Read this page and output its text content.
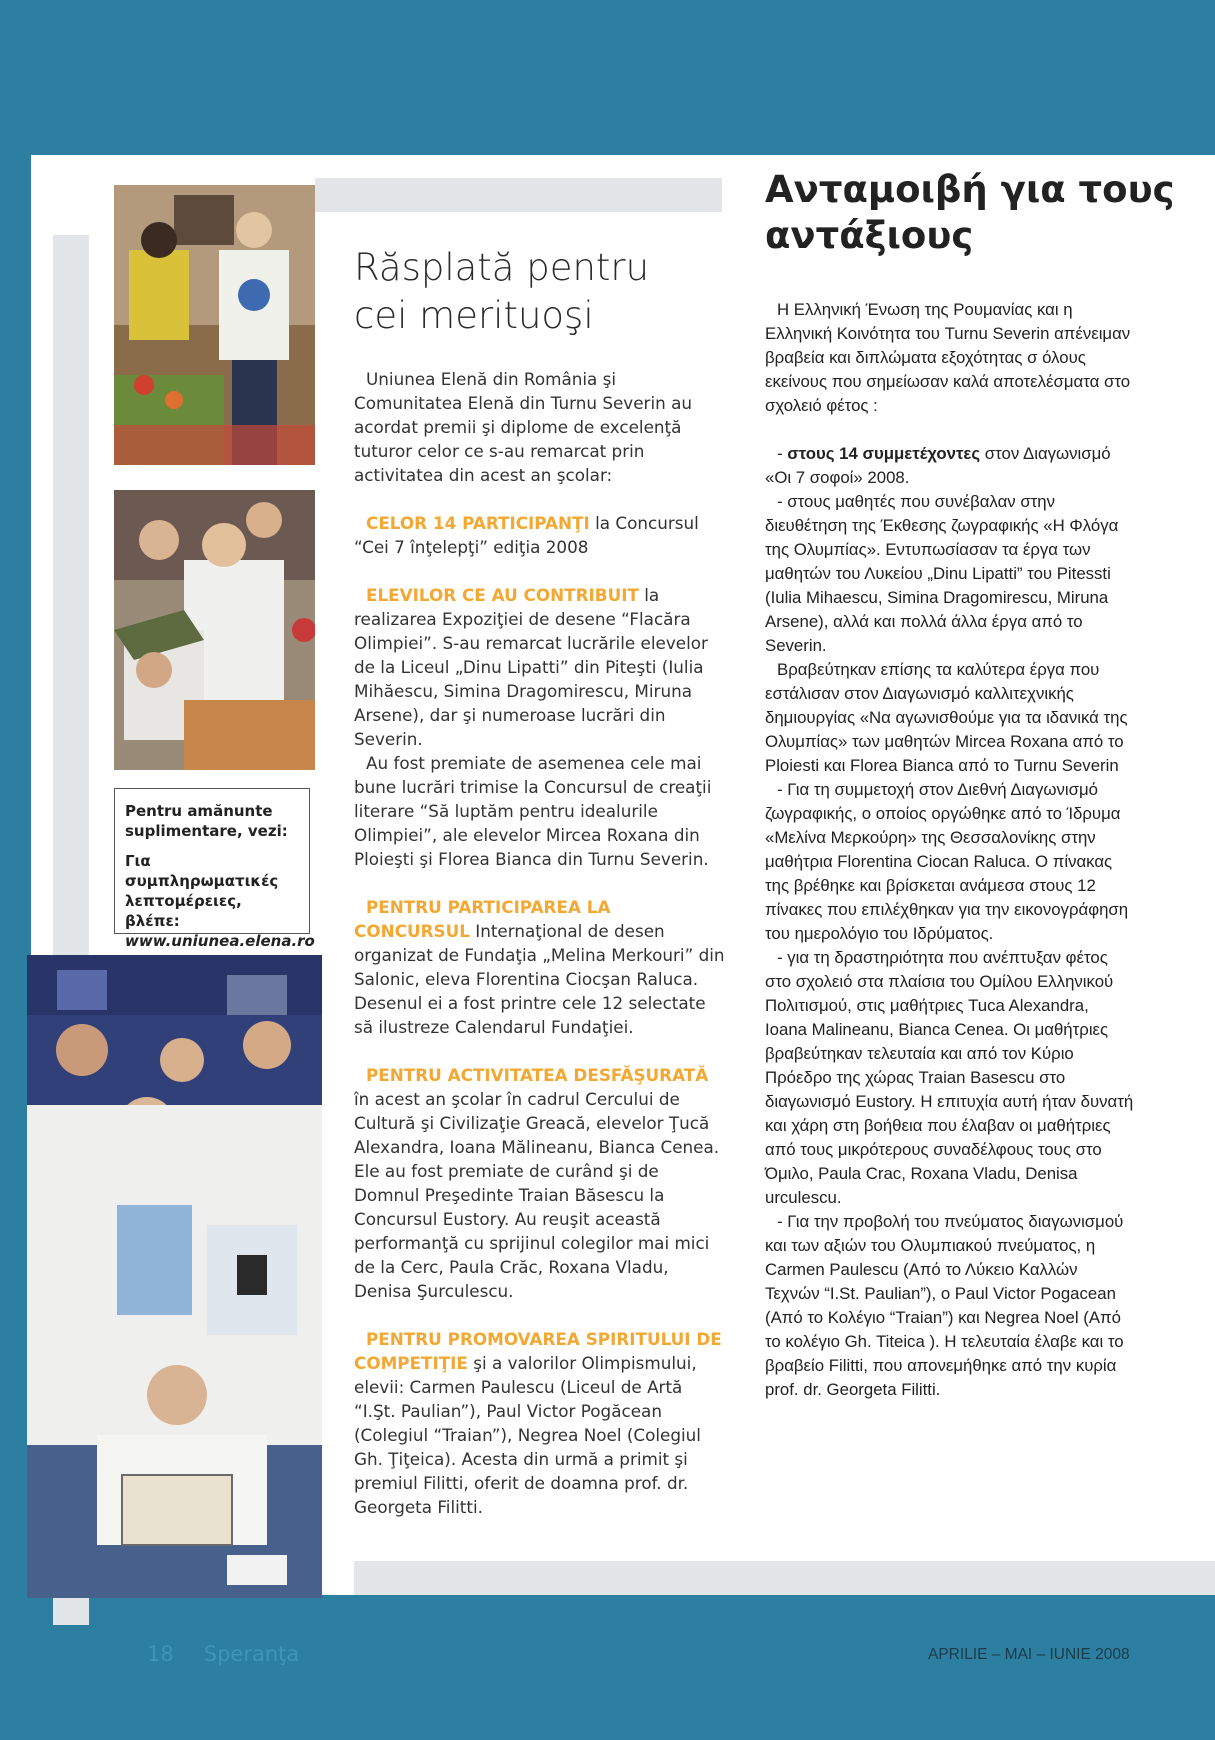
Răsplată pentru
cei merituoşi

Uniunea Elenă din România şi Comunitatea Elenă din Turnu Severin au acordat premii şi diplome de excelenţă tuturor celor ce s-au remarcat prin activitatea din acest an şcolar:

CELOR 14 PARTICIPANŢI la Concursul “Cei 7 înţelepţi” ediţia 2008

ELEVILOR CE AU CONTRIBUIT la realizarea Expoziţiei de desene “Flacăra Olimpiei”. S-au remarcat lucrările elevelor de la Liceul „Dinu Lipatti” din Piteşti (Iulia Mihăescu, Simina Dragomirescu, Miruna Arsene), dar şi numeroase lucrări din Severin.

Au fost premiate de asemenea cele mai bune lucrări trimise la Concursul de creaţii literare “Să luptăm pentru idealurile Olimpiei”, ale elevelor Mircea Roxana din Ploieşti şi Florea Bianca din Turnu Severin.

PENTRU PARTICIPAREA LA CONCURSUL Internaţional de desen organizat de Fundaţia „Melina Merkouri” din Salonic, eleva Florentina Ciocşan Raluca. Desenul ei a fost printre cele 12 selectate să ilustreze Calendarul Fundaţiei.

PENTRU ACTIVITATEA DESFĂŞURATĂ în acest an şcolar în cadrul Cercului de Cultură şi Civilizaţie Greacă, elevelor Ţucă Alexandra, Ioana Mălineanu, Bianca Cenea. Ele au fost premiate de curând şi de Domnul Preşedinte Traian Băsescu la Concursul Eustory. Au reuşit această performanţă cu sprijinul colegilor mai mici de la Cerc, Paula Crăc, Roxana Vladu, Denisa Şurculescu.

PENTRU PROMOVAREA SPIRITULUI DE COMPETIŢIE şi a valorilor Olimpismului, elevii: Carmen Paulescu (Liceul de Artă “I.Şt. Paulian”), Paul Victor Pogăcean (Colegiul “Traian”), Negrea Noel (Colegiul Gh. Ţiţeica). Acesta din urmă a primit şi premiul Filitti, oferit de doamna prof. dr. Georgeta Filitti.

Ανταμοιβή για τους
αντάξιους

Η Ελληνική Ένωση της Ρουμανίας και η Ελληνική Κοινότητα του Turnu Severin απένειμαν βραβεία και διπλώματα εξοχότητας σ όλους εκείνους που σημείωσαν καλά αποτελέσματα στο σχολειό φέτος :

- στους 14 συμμετέχοντες στον Διαγωνισμό «Οι 7 σοφοί» 2008.

- στους μαθητές που συνέβαλαν στην διευθέτηση της Έκθεσης ζωγραφικής «Η Φλόγα της Ολυμπίας». Εντυπωσίασαν τα έργα των μαθητών του Λυκείου „Dinu Lipatti” του Pitessti (Iulia Mihaescu, Simina Dragomirescu, Miruna Arsene), αλλά και πολλά άλλα έργα από το Severin.

Βραβεύτηκαν επίσης τα καλύτερα έργα που εστάλισαν στον Διαγωνισμό καλλιτεχνικής δημιουργίας «Να αγωνισθούμε για τα ιδανικά της Ολυμπίας» των μαθητών Mircea Roxana από το Ploiesti και Florea Bianca από το Turnu Severin

- Για τη συμμετοχή στον Διεθνή Διαγωνισμό ζωγραφικής, ο οποίος οργώθηκε από το Ίδρυμα «Μελίνα Μερκούρη» της Θεσσαλονίκης στην μαθήτρια Florentina Ciocan Raluca. Ο πίνακας της βρέθηκε και βρίσκεται ανάμεσα στους 12 πίνακες που επιλέχθηκαν για την εικονογράφηση του ημερολόγιο του Ιδρύματος.

- για τη δραστηριότητα που ανέπτυξαν φέτος στο σχολειό στα πλαίσια του Ομίλου Ελληνικού Πολιτισμού, στις μαθήτριες Tuca Alexandra, Ioana Malineanu, Bianca Cenea. Οι μαθήτριες βραβεύτηκαν τελευταία και από τον Κύριο Πρόεδρο της χώρας Traian Basescu στο διαγωνισμό Eustory. Η επιτυχία αυτή ήταν δυνατή και χάρη στη βοήθεια που έλαβαν οι μαθήτριες από τους μικρότερους συναδέλφους τους στο Όμιλο, Paula Crac, Roxana Vladu, Denisa urculescu.

- Για την προβολή του πνεύματος διαγωνισμού και των αξιών του Ολυμπιακού πνεύματος, η Carmen Paulescu (Από το Λύκειο Καλλών Τεχνών “I.St. Paulian”), ο Paul Victor Pogacean (Από το Κολέγιο “Traian”) και Negrea Noel (Από το κολέγιο Gh. Titeica ). Η τελευταία έλαβε και το βραβείο Filitti, που απονεμήθηκε από την κυρία prof. dr. Georgeta Filitti.

Pentru amănunte suplimentare, vezi:

Για συμπληρωματικές λεπτομέρειες, βλέπε:

www.uniunea.elena.ro

18 Speranţa	APRILIE – MAI – IUNIE 2008
